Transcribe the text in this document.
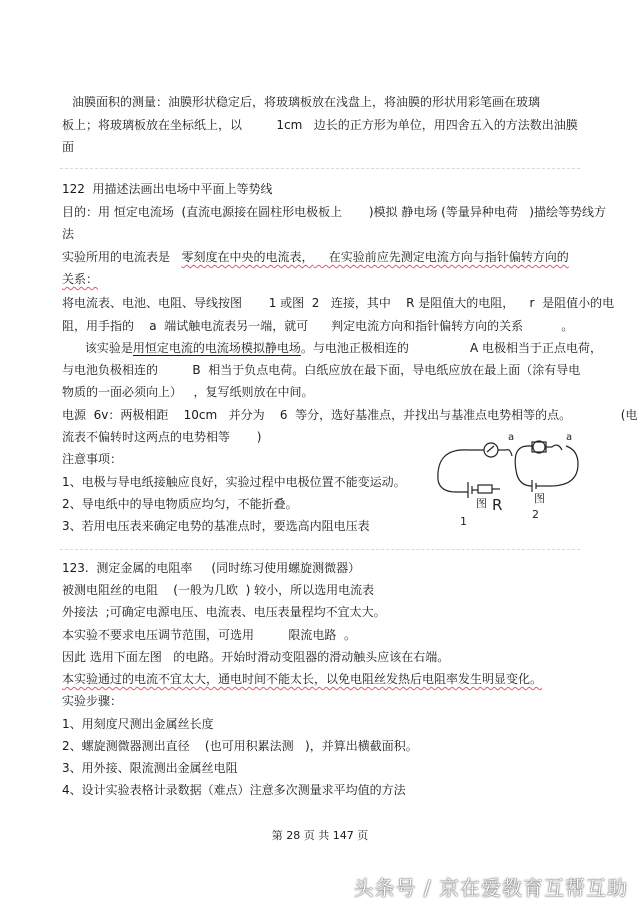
油膜面积的测量：油膜形状稳定后，将玻璃板放在浅盘上，将油膜的形状用彩笔画在玻璃
板上；将玻璃板放在坐标纸上，以         1cm   边长的正方形为单位，用四舍五入的方法数出油膜
面
122  用描述法画出电场中平面上等势线
目的：用 恒定电流场  (直流电源接在圆柱形电极板上       )模拟 静电场 (等量异种电荷   )描绘等势线方
法
实验所用的电流表是   零刻度在中央的电流表，    在实验前应先测定电流方向与指针偏转方向的
关系：
将电流表、电池、电阻、导线按图       1 或图  2   连接，其中    R 是阻值大的电阻，    r  是阻值小的电
阻，用手指的    a  端试触电流表另一端，就可      判定电流方向和指针偏转方向的关系          。
该实验是用恒定电流的电流场模拟静电场。与电池正极相连的                A 电极相当于正点电荷，
与电池负极相连的         B  相当于负点电荷。白纸应放在最下面，导电纸应放在最上面（涂有导电
物质的一面必须向上）   ，复写纸则放在中间。
电源  6v：两极相距    10cm   并分为    6  等分，选好基准点，并找出与基准点电势相等的点。             (电
流表不偏转时这两点的电势相等       )
注意事项：
1、电极与导电纸接触应良好，实验过程中电极位置不能变运动。
2、导电纸中的导电物质应均匀，不能折叠。
3、若用电压表来确定电势的基准点时，要选高内阻电压表
a
图 R
1
a
图
2
123.  测定金属的电阻率     (同时练习使用螺旋测微器）
被测电阻丝的电阻    (一般为几欧  ) 较小，所以选用电流表
外接法  ;可确定电源电压、电流表、电压表量程均不宜太大。
本实验不要求电压调节范围，可选用         限流电路  。
因此 选用下面左图   的电路。开始时滑动变阻器的滑动触头应该在右端。
本实验通过的电流不宜太大，通电时间不能太长，以免电阻丝发热后电阻率发生明显变化。
实验步骤：
1、用刻度尺测出金属丝长度
2、螺旋测微器测出直径    (也可用积累法测   )，并算出横截面积。
3、用外接、限流测出金属丝电阻
4、设计实验表格计录数据（难点）注意多次测量求平均值的方法
第 28 页 共 147 页
头条号 / 京在爱教育互帮互助
